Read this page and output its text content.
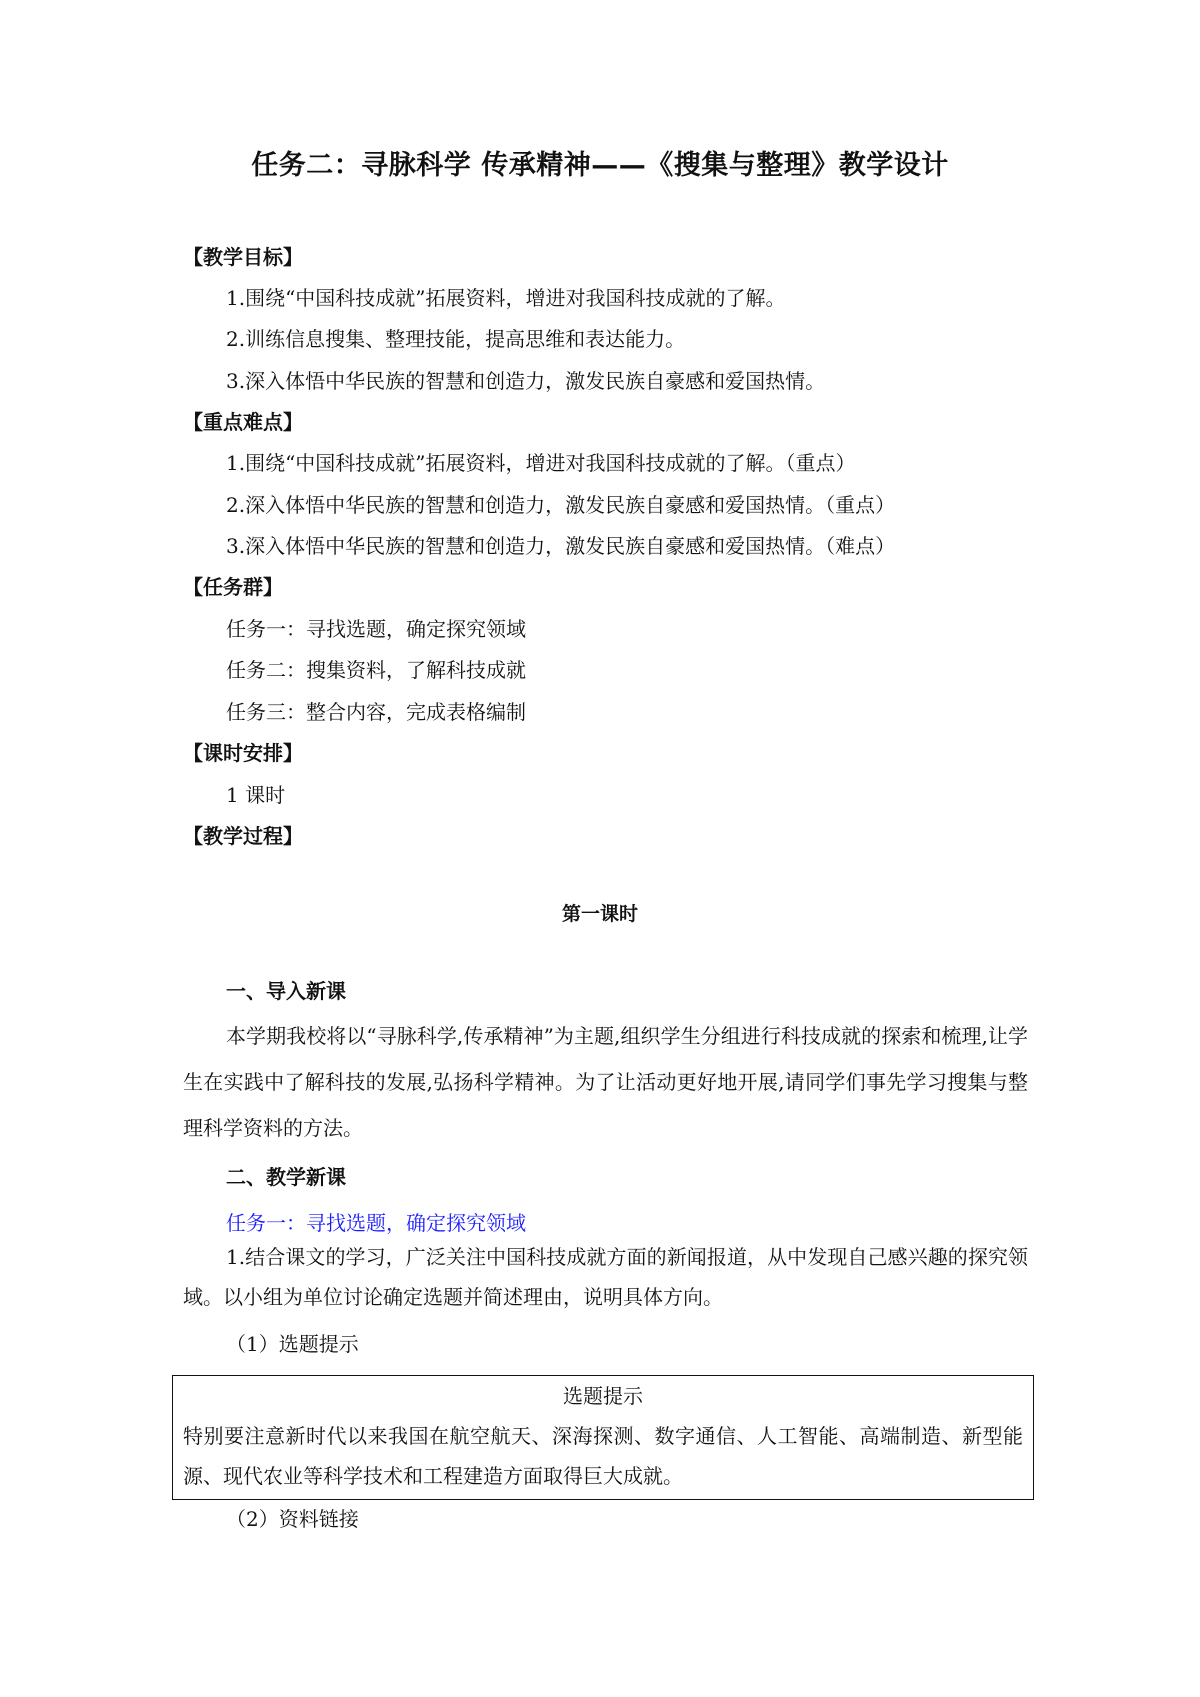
任务二：寻脉科学 传承精神——《搜集与整理》教学设计
【教学目标】
1.围绕“中国科技成就”拓展资料，增进对我国科技成就的了解。
2.训练信息搜集、整理技能，提高思维和表达能力。
3.深入体悟中华民族的智慧和创造力，激发民族自豪感和爱国热情。
【重点难点】
1.围绕“中国科技成就”拓展资料，增进对我国科技成就的了解。（重点）
2.深入体悟中华民族的智慧和创造力，激发民族自豪感和爱国热情。（重点）
3.深入体悟中华民族的智慧和创造力，激发民族自豪感和爱国热情。（难点）
【任务群】
任务一：寻找选题，确定探究领域
任务二：搜集资料，了解科技成就
任务三：整合内容，完成表格编制
【课时安排】
1 课时
【教学过程】
第一课时
一、导入新课
本学期我校将以“寻脉科学,传承精神”为主题,组织学生分组进行科技成就的探索和梳理,让学生在实践中了解科技的发展,弘扬科学精神。为了让活动更好地开展,请同学们事先学习搜集与整理科学资料的方法。
二、教学新课
任务一：寻找选题，确定探究领域
1.结合课文的学习，广泛关注中国科技成就方面的新闻报道，从中发现自己感兴趣的探究领域。以小组为单位讨论确定选题并简述理由，说明具体方向。
（1）选题提示
选题提示
特别要注意新时代以来我国在航空航天、深海探测、数字通信、人工智能、高端制造、新型能源、现代农业等科学技术和工程建造方面取得巨大成就。
（2）资料链接
